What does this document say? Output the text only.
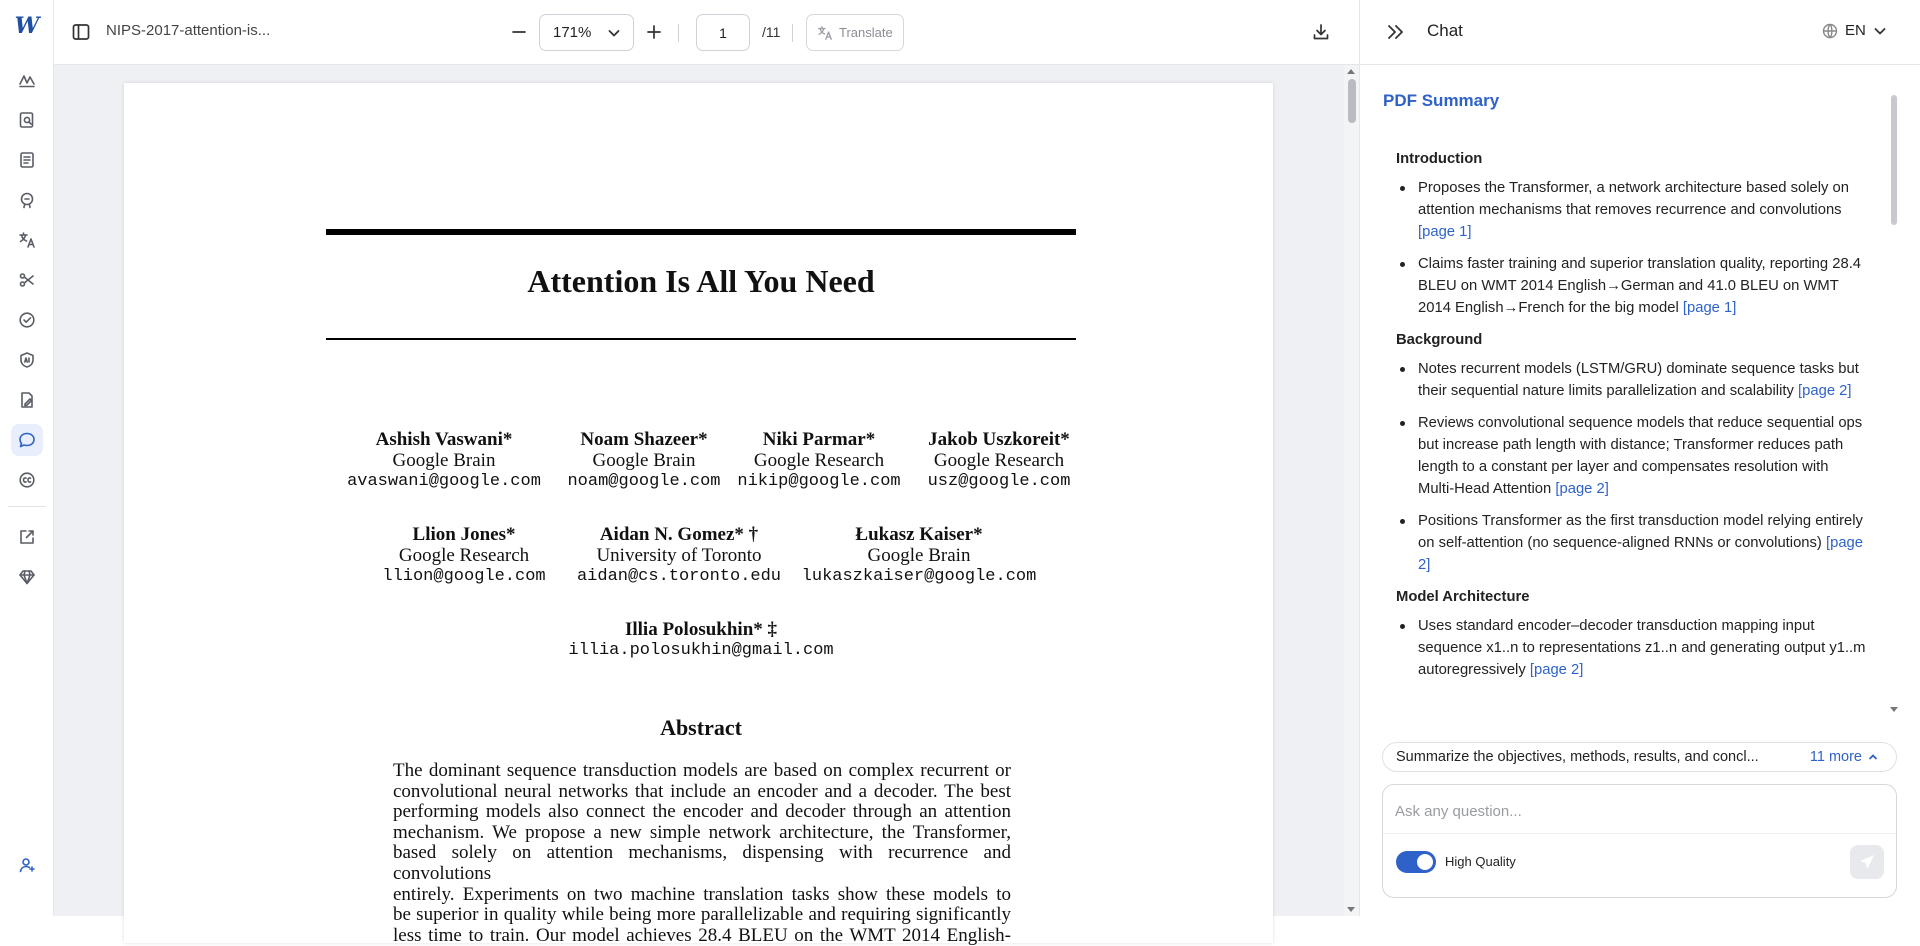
W	NIPS-2017-attention-is...	171%	1	/11	Translate
Attention Is All You Need
Ashish Vaswani*
Google Brain
avaswani@google.com
Noam Shazeer*
Google Brain
noam@google.com
Niki Parmar*
Google Research
nikip@google.com
Jakob Uszkoreit*
Google Research
usz@google.com
Llion Jones*
Google Research
llion@google.com
Aidan N. Gomez* †
University of Toronto
aidan@cs.toronto.edu
Łukasz Kaiser*
Google Brain
lukaszkaiser@google.com
Illia Polosukhin* ‡
illia.polosukhin@gmail.com
Abstract
The dominant sequence transduction models are based on complex recurrent or
convolutional neural networks that include an encoder and a decoder. The best
performing models also connect the encoder and decoder through an attention
mechanism. We propose a new simple network architecture, the Transformer,
based solely on attention mechanisms, dispensing with recurrence and convolutions
entirely. Experiments on two machine translation tasks show these models to
be superior in quality while being more parallelizable and requiring significantly
less time to train. Our model achieves 28.4 BLEU on the WMT 2014 English-
Chat	EN
PDF Summary
Introduction
Proposes the Transformer, a network architecture based solely on attention mechanisms that removes recurrence and convolutions [page 1]
Claims faster training and superior translation quality, reporting 28.4 BLEU on WMT 2014 English→German and 41.0 BLEU on WMT 2014 English→French for the big model [page 1]
Background
Notes recurrent models (LSTM/GRU) dominate sequence tasks but their sequential nature limits parallelization and scalability [page 2]
Reviews convolutional sequence models that reduce sequential ops but increase path length with distance; Transformer reduces path length to a constant per layer and compensates resolution with Multi-Head Attention [page 2]
Positions Transformer as the first transduction model relying entirely on self-attention (no sequence-aligned RNNs or convolutions) [page 2]
Model Architecture
Uses standard encoder–decoder transduction mapping input sequence x1..n to representations z1..n and generating output y1..m autoregressively [page 2]
Summarize the objectives, methods, results, and concl...	11 more
Ask any question...
High Quality
